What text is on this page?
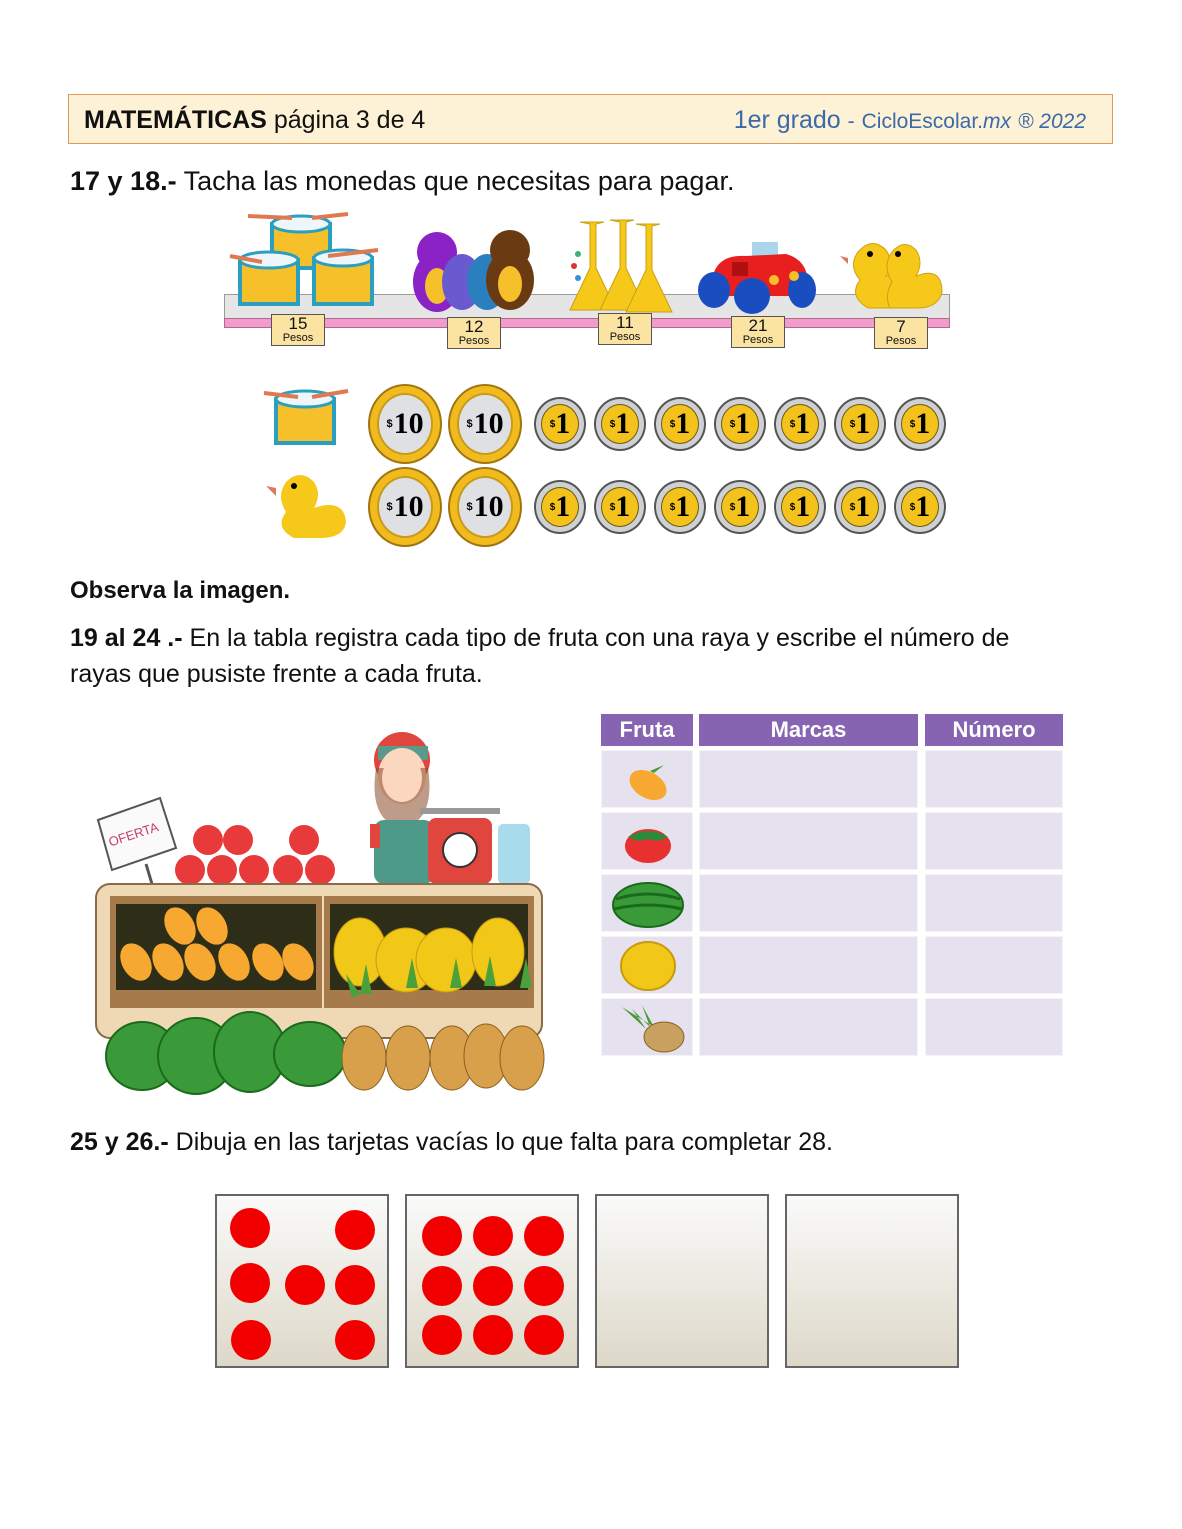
MATEMÁTICAS página 3 de 4	1er grado - CicloEscolar.mx ® 2022
17 y 18.- Tacha las monedas que necesitas para pagar.
15
Pesos
12
Pesos
11
Pesos
21
Pesos
7
Pesos
$ 10	$ 10	$ 1	$ 1	$ 1	$ 1	$ 1	$ 1	$ 1
$ 10	$ 10	$ 1	$ 1	$ 1	$ 1	$ 1	$ 1	$ 1
Observa la imagen.
19 al 24 .- En la tabla registra cada tipo de fruta con una raya y escribe el número de
rayas que pusiste frente a cada fruta.
OFERTA
Fruta	Marcas	Número
25 y 26.- Dibuja en las tarjetas vacías lo que falta para completar 28.
